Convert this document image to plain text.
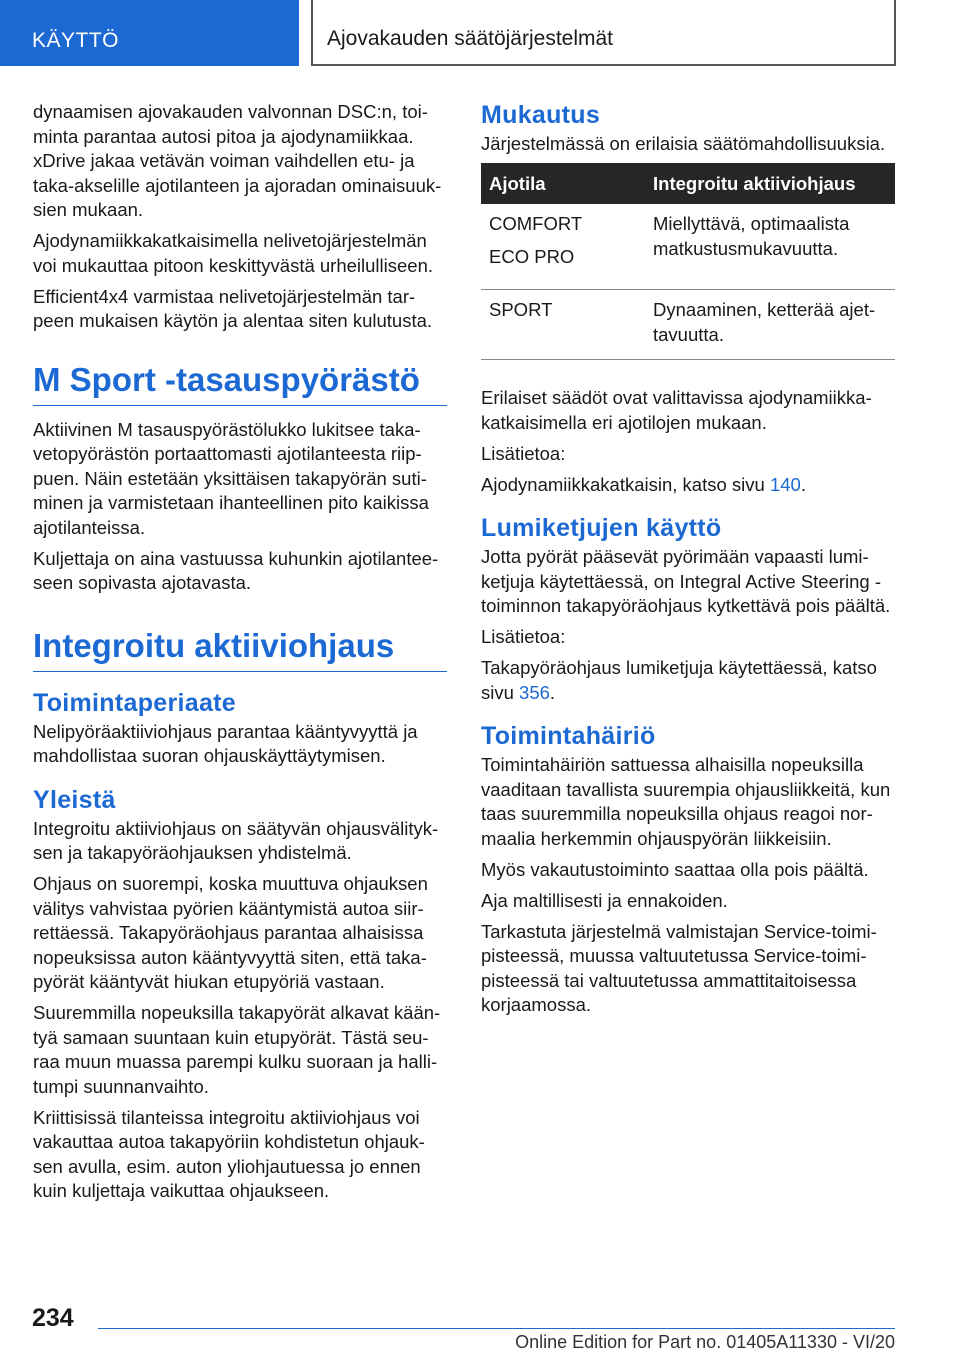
KÄYTTÖ	Ajovakauden säätöjärjestelmät

dynaamisen ajovakauden valvonnan DSC:n, toi-minta parantaa autosi pitoa ja ajodynamiikkaa. xDrive jakaa vetävän voiman vaihdellen etu- ja taka-akselille ajotilanteen ja ajoradan ominaisuuk-sien mukaan.

Ajodynamiikkakatkaisimella nelivetojärjestelmän voi mukauttaa pitoon keskittyvästä urheilulliseen.

Efficient4x4 varmistaa nelivetojärjestelmän tar-peen mukaisen käytön ja alentaa siten kulutusta.

M Sport -tasauspyörästö

Aktiivinen M tasauspyörästölukko lukitsee taka-vetopyörästön portaattomasti ajotilanteesta riip-puen. Näin estetään yksittäisen takapyörän suti-minen ja varmistetaan ihanteellinen pito kaikissa ajotilanteissa.

Kuljettaja on aina vastuussa kuhunkin ajotilantee-seen sopivasta ajotavasta.

Integroitu aktiiviohjaus
Toimintaperiaate

Nelipyöräaktiiviohjaus parantaa kääntyvyyttä ja mahdollistaa suoran ohjauskäyttäytymisen.

Yleistä

Integroitu aktiiviohjaus on säätyvän ohjausvälityk-sen ja takapyöräohjauksen yhdistelmä.

Ohjaus on suorempi, koska muuttuva ohjauksen välitys vahvistaa pyörien kääntymistä autoa siir-rettäessä. Takapyöräohjaus parantaa alhaisissa nopeuksissa auton kääntyvyyttä siten, että taka-pyörät kääntyvät hiukan etupyöriä vastaan.

Suuremmilla nopeuksilla takapyörät alkavat kään-tyä samaan suuntaan kuin etupyörät. Tästä seu-raa muun muassa parempi kulku suoraan ja halli-tumpi suunnanvaihto.

Kriittisissä tilanteissa integroitu aktiiviohjaus voi vakauttaa autoa takapyöriin kohdistetun ohjauk-sen avulla, esim. auton yliohjautuessa jo ennen kuin kuljettaja vaikuttaa ohjaukseen.

Mukautus

Järjestelmässä on erilaisia säätömahdollisuuksia.

Ajotila	Integroitu aktiiviohjaus

COMFORT
ECO PRO	Miellyttävä, optimaalista matkustusmukavuutta.

SPORT	Dynaaminen, ketterää ajet-tavuutta.

Erilaiset säädöt ovat valittavissa ajodynamiikka-katkaisimella eri ajotilojen mukaan.

Lisätietoa:

Ajodynamiikkakatkaisin, katso sivu 140.

Lumiketjujen käyttö

Jotta pyörät pääsevät pyörimään vapaasti lumi-ketjuja käytettäessä, on Integral Active Steering -toiminnon takapyöräohjaus kytkettävä pois päältä.

Lisätietoa:

Takapyöräohjaus lumiketjuja käytettäessä, katso sivu 356.

Toimintahäiriö

Toimintahäiriön sattuessa alhaisilla nopeuksilla vaaditaan tavallista suurempia ohjausliikkeitä, kun taas suuremmilla nopeuksilla ohjaus reagoi nor-maalia herkemmin ohjauspyörän liikkeisiin.

Myös vakautustoiminto saattaa olla pois päältä.

Aja maltillisesti ja ennakoiden.

Tarkastuta järjestelmä valmistajan Service-toimi-pisteessä, muussa valtuutetussa Service-toimi-pisteessä tai valtuutetussa ammattitaitoisessa korjaamossa.

234
Online Edition for Part no. 01405A11330 - VI/20
